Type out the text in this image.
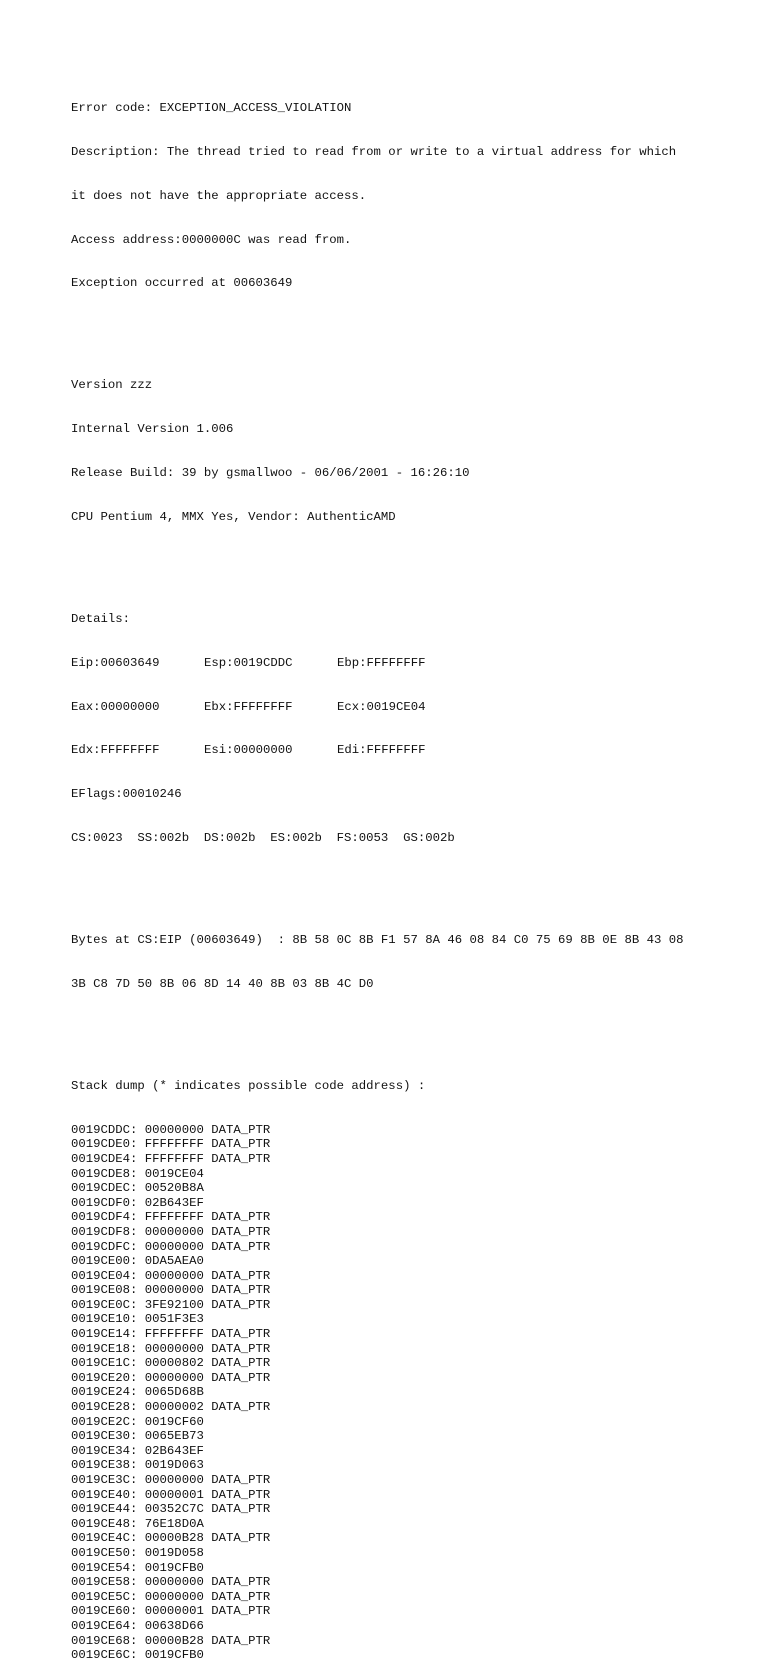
Error code: EXCEPTION_ACCESS_VIOLATION

Description: The thread tried to read from or write to a virtual address for which

it does not have the appropriate access.

Access address:0000000C was read from.

Exception occurred at 00603649

Version zzz

Internal Version 1.006

Release Build: 39 by gsmallwoo - 06/06/2001 - 16:26:10

CPU Pentium 4, MMX Yes, Vendor: AuthenticAMD

Details:

Eip:00603649	Esp:0019CDDC	Ebp:FFFFFFFF

Eax:00000000	Ebx:FFFFFFFF	Ecx:0019CE04

Edx:FFFFFFFF	Esi:00000000	Edi:FFFFFFFF

EFlags:00010246

CS:0023  SS:002b  DS:002b  ES:002b  FS:0053  GS:002b

Bytes at CS:EIP (00603649)  : 8B 58 0C 8B F1 57 8A 46 08 84 C0 75 69 8B 0E 8B 43 08

3B C8 7D 50 8B 06 8D 14 40 8B 03 8B 4C D0

Stack dump (* indicates possible code address) :

0019CDDC: 00000000 DATA_PTR
0019CDE0: FFFFFFFF DATA_PTR
0019CDE4: FFFFFFFF DATA_PTR
0019CDE8: 0019CE04
0019CDEC: 00520B8A
0019CDF0: 02B643EF
0019CDF4: FFFFFFFF DATA_PTR
0019CDF8: 00000000 DATA_PTR
0019CDFC: 00000000 DATA_PTR
0019CE00: 0DA5AEA0
0019CE04: 00000000 DATA_PTR
0019CE08: 00000000 DATA_PTR
0019CE0C: 3FE92100 DATA_PTR
0019CE10: 0051F3E3
0019CE14: FFFFFFFF DATA_PTR
0019CE18: 00000000 DATA_PTR
0019CE1C: 00000802 DATA_PTR
0019CE20: 00000000 DATA_PTR
0019CE24: 0065D68B
0019CE28: 00000002 DATA_PTR
0019CE2C: 0019CF60
0019CE30: 0065EB73
0019CE34: 02B643EF
0019CE38: 0019D063
0019CE3C: 00000000 DATA_PTR
0019CE40: 00000001 DATA_PTR
0019CE44: 00352C7C DATA_PTR
0019CE48: 76E18D0A
0019CE4C: 00000B28 DATA_PTR
0019CE50: 0019D058
0019CE54: 0019CFB0
0019CE58: 00000000 DATA_PTR
0019CE5C: 00000000 DATA_PTR
0019CE60: 00000001 DATA_PTR
0019CE64: 00638D66
0019CE68: 00000B28 DATA_PTR
0019CE6C: 0019CFB0
